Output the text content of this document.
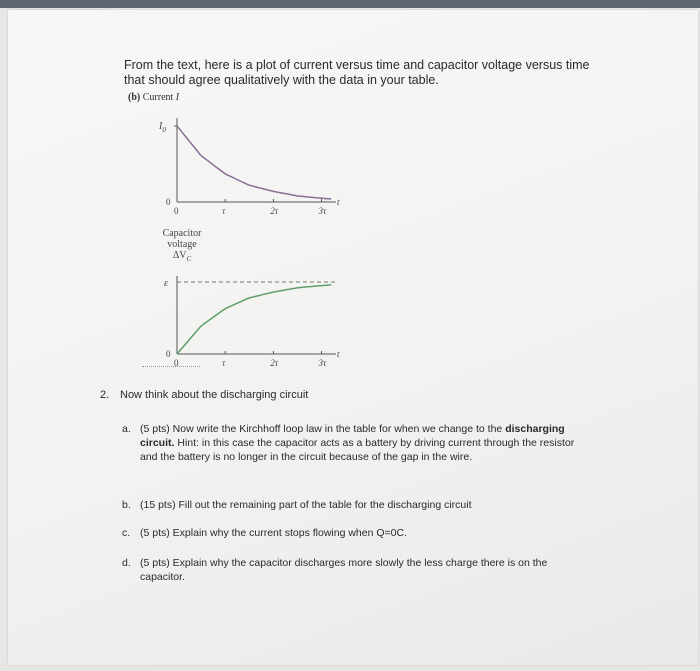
From the text, here is a plot of current versus time and capacitor voltage versus time that should agree qualitatively with the data in your table.
(b) Current I
$I_0$
0
0	τ	2τ	3τ
t
Capacitor
voltage
$\Delta V_C$
ε
0
0	τ	2τ	3τ
t
2. Now think about the discharging circuit
a. (5 pts) Now write the Kirchhoff loop law in the table for when we change to the discharging circuit. Hint: in this case the capacitor acts as a battery by driving current through the resistor and the battery is no longer in the circuit because of the gap in the wire.
b. (15 pts) Fill out the remaining part of the table for the discharging circuit
c. (5 pts) Explain why the current stops flowing when Q=0C.
d. (5 pts) Explain why the capacitor discharges more slowly the less charge there is on the capacitor.
